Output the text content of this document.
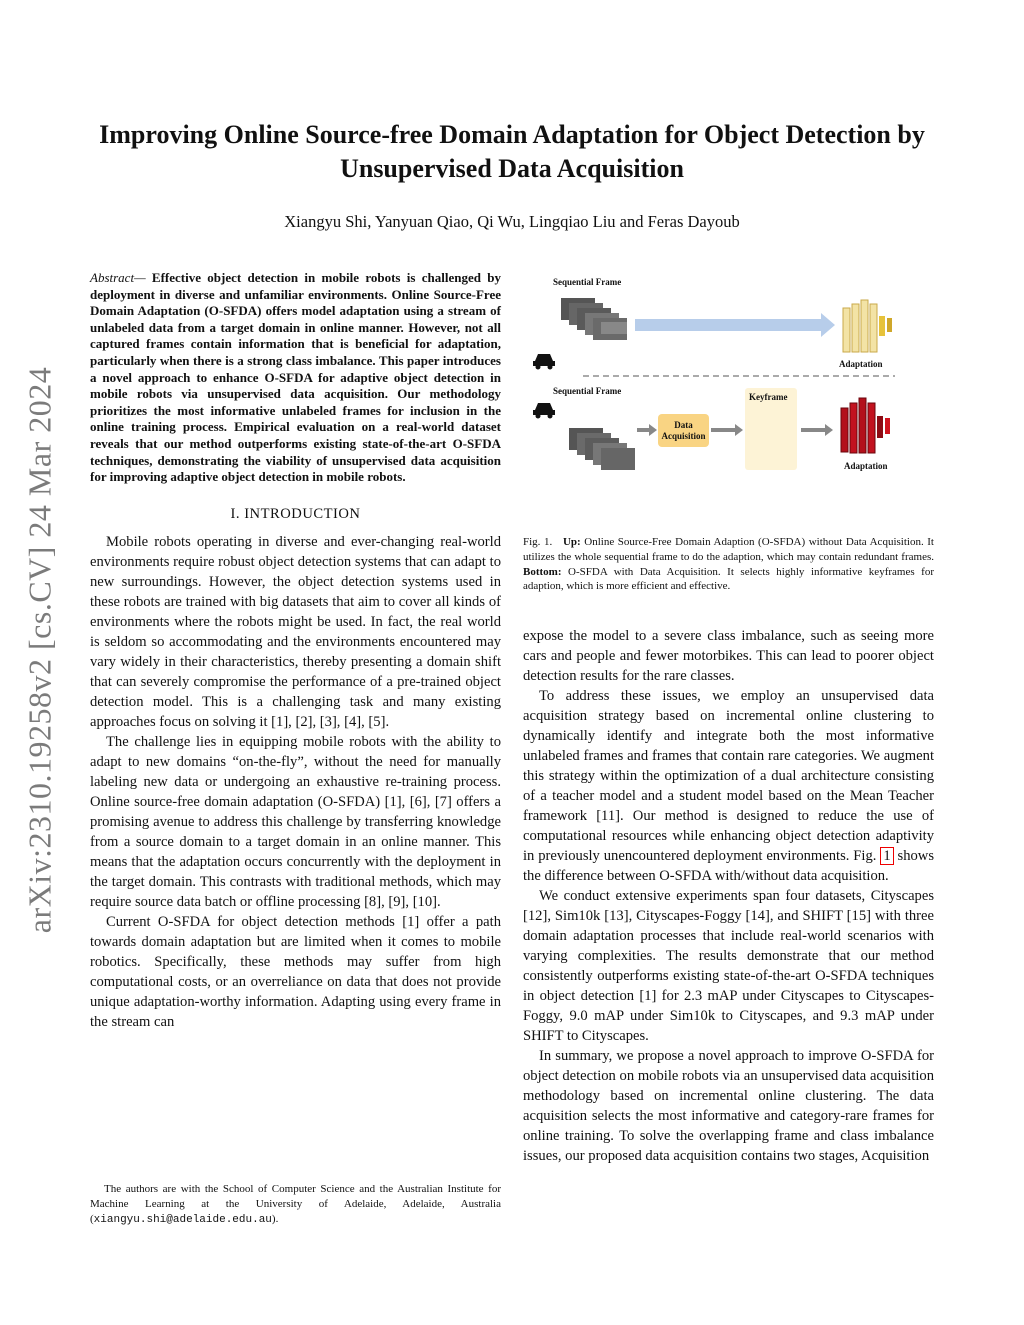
arXiv:2310.19258v2 [cs.CV] 24 Mar 2024
Improving Online Source-free Domain Adaptation for Object Detection by Unsupervised Data Acquisition
Xiangyu Shi, Yanyuan Qiao, Qi Wu, Lingqiao Liu and Feras Dayoub

Abstract— Effective object detection in mobile robots is challenged by deployment in diverse and unfamiliar environments. Online Source-Free Domain Adaptation (O-SFDA) offers model adaptation using a stream of unlabeled data from a target domain in online manner. However, not all captured frames contain information that is beneficial for adaptation, particularly when there is a strong class imbalance. This paper introduces a novel approach to enhance O-SFDA for adaptive object detection in mobile robots via unsupervised data acquisition. Our methodology prioritizes the most informative unlabeled frames for inclusion in the online training process. Empirical evaluation on a real-world dataset reveals that our method outperforms existing state-of-the-art O-SFDA techniques, demonstrating the viability of unsupervised data acquisition for improving adaptive object detection in mobile robots.

I. INTRODUCTION

Mobile robots operating in diverse and ever-changing real-world environments require robust object detection systems that can adapt to new surroundings. However, the object detection systems used in these robots are trained with big datasets that aim to cover all kinds of environments where the robots might be used. In fact, the real world is seldom so accommodating and the environments encountered may vary widely in their characteristics, thereby presenting a domain shift that can severely compromise the performance of a pre-trained object detection model. This is a challenging task and many existing approaches focus on solving it [1], [2], [3], [4], [5].

The challenge lies in equipping mobile robots with the ability to adapt to new domains “on-the-fly”, without the need for manually labeling new data or undergoing an exhaustive re-training process. Online source-free domain adaptation (O-SFDA) [1], [6], [7] offers a promising avenue to address this challenge by transferring knowledge from a source domain to a target domain in an online manner. This means that the adaptation occurs concurrently with the deployment in the target domain. This contrasts with traditional methods, which may require source data batch or offline processing [8], [9], [10].

Current O-SFDA for object detection methods [1] offer a path towards domain adaptation but are limited when it comes to mobile robotics. Specifically, these methods may suffer from high computational costs, or an overreliance on data that does not provide unique adaptation-worthy information. Adapting using every frame in the stream can

The authors are with the School of Computer Science and the Australian Institute for Machine Learning at the University of Adelaide, Adelaide, Australia (xiangyu.shi@adelaide.edu.au).
Sequential Frame
Adaptation
Sequential Frame
Data Acquisition
Keyframe
Adaptation
Fig. 1. Up: Online Source-Free Domain Adaption (O-SFDA) without Data Acquisition. It utilizes the whole sequential frame to do the adaption, which may contain redundant frames. Bottom: O-SFDA with Data Acquisition. It selects highly informative keyframes for adaption, which is more efficient and effective.

expose the model to a severe class imbalance, such as seeing more cars and people and fewer motorbikes. This can lead to poorer object detection results for the rare classes.

To address these issues, we employ an unsupervised data acquisition strategy based on incremental online clustering to dynamically identify and integrate both the most informative unlabeled frames and frames that contain rare categories. We augment this strategy within the optimization of a dual architecture consisting of a teacher model and a student model based on the Mean Teacher framework [11]. Our method is designed to reduce the use of computational resources while enhancing object detection adaptivity in previously unencountered deployment environments. Fig. 1 shows the difference between O-SFDA with/without data acquisition.

We conduct extensive experiments span four datasets, Cityscapes [12], Sim10k [13], Cityscapes-Foggy [14], and SHIFT [15] with three domain adaptation processes that include real-world scenarios with varying complexities. The results demonstrate that our method consistently outperforms existing state-of-the-art O-SFDA techniques in object detection [1] for 2.3 mAP under Cityscapes to Cityscapes-Foggy, 9.0 mAP under Sim10k to Cityscapes, and 9.3 mAP under SHIFT to Cityscapes.

In summary, we propose a novel approach to improve O-SFDA for object detection on mobile robots via an unsupervised data acquisition methodology based on incremental online clustering. The data acquisition selects the most informative and category-rare frames for online training. To solve the overlapping frame and class imbalance issues, our proposed data acquisition contains two stages, Acquisition
